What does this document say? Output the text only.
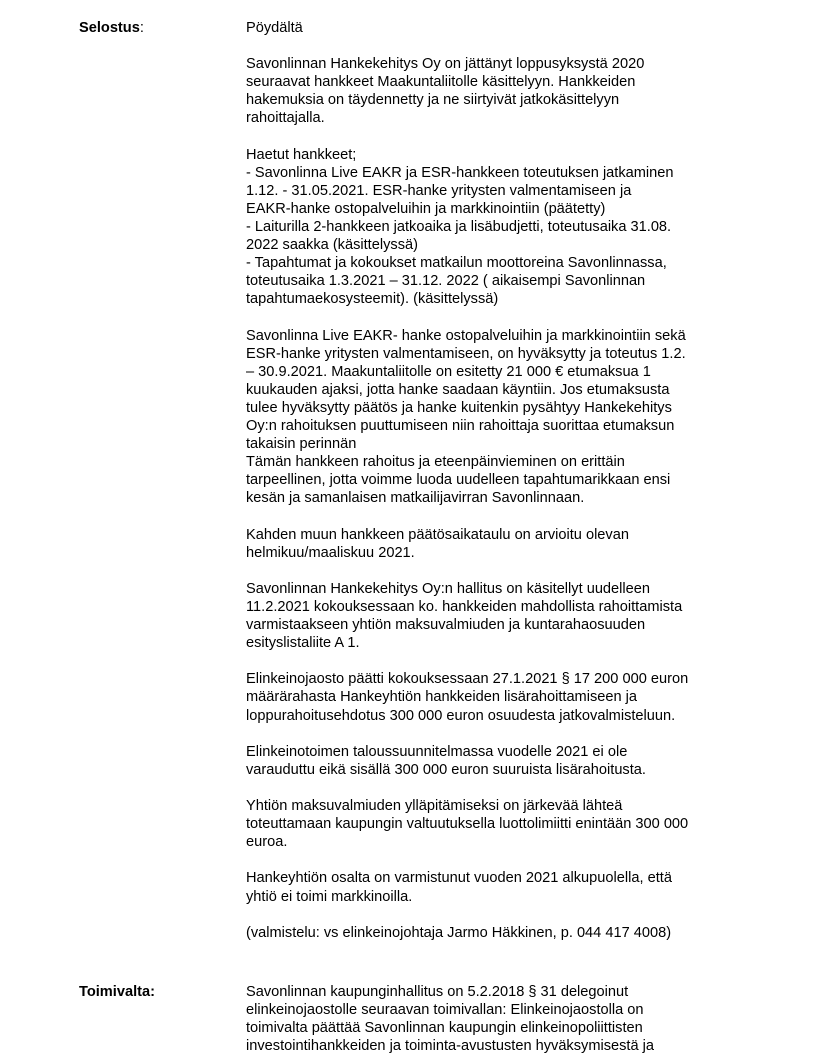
Selostus:	Pöydältä
Savonlinnan Hankekehitys Oy on jättänyt loppusyksystä 2020
seuraavat hankkeet Maakuntaliitolle käsittelyyn. Hankkeiden
hakemuksia on täydennetty ja ne siirtyivät jatkokäsittelyyn
rahoittajalla.
Haetut hankkeet;
- Savonlinna Live EAKR ja ESR-hankkeen toteutuksen jatkaminen
1.12. - 31.05.2021. ESR-hanke yritysten valmentamiseen ja
EAKR-hanke ostopalveluihin ja markkinointiin (päätetty)
- Laiturilla 2-hankkeen jatkoaika ja lisäbudjetti, toteutusaika 31.08.
2022 saakka (käsittelyssä)
- Tapahtumat ja kokoukset matkailun moottoreina Savonlinnassa,
toteutusaika 1.3.2021 – 31.12. 2022 ( aikaisempi Savonlinnan
tapahtumaekosysteemit). (käsittelyssä)
Savonlinna Live EAKR- hanke ostopalveluihin ja markkinointiin sekä
ESR-hanke yritysten valmentamiseen, on hyväksytty ja toteutus 1.2.
– 30.9.2021. Maakuntaliitolle on esitetty 21 000 € etumaksua 1
kuukauden ajaksi, jotta hanke saadaan käyntiin. Jos etumaksusta
tulee hyväksytty päätös ja hanke kuitenkin pysähtyy Hankekehitys
Oy:n rahoituksen puuttumiseen niin rahoittaja suorittaa etumaksun
takaisin perinnän
Tämän hankkeen rahoitus ja eteenpäinvieminen on erittäin
tarpeellinen, jotta voimme luoda uudelleen tapahtumarikkaan ensi
kesän ja samanlaisen matkailijavirran Savonlinnaan.
Kahden muun hankkeen päätösaikataulu on arvioitu olevan
helmikuu/maaliskuu 2021.
Savonlinnan Hankekehitys Oy:n hallitus on käsitellyt uudelleen
11.2.2021 kokouksessaan ko. hankkeiden mahdollista rahoittamista
varmistaakseen yhtiön maksuvalmiuden ja kuntarahaosuuden
esityslistaliite A 1.
Elinkeinojaosto päätti kokouksessaan 27.1.2021 § 17 200 000 euron
määrärahasta Hankeyhtiön hankkeiden lisärahoittamiseen ja
loppurahoitusehdotus 300 000 euron osuudesta jatkovalmisteluun.
Elinkeinotoimen taloussuunnitelmassa vuodelle 2021 ei ole
varauduttu eikä sisällä 300 000 euron suuruista lisärahoitusta.
Yhtiön maksuvalmiuden ylläpitämiseksi on järkevää lähteä
toteuttamaan kaupungin valtuutuksella luottolimiitti enintään 300 000
euroa.
Hankeyhtiön osalta on varmistunut vuoden 2021 alkupuolella, että
yhtiö ei toimi markkinoilla.
(valmistelu: vs elinkeinojohtaja Jarmo Häkkinen, p. 044 417 4008)
Toimivalta:	Savonlinnan kaupunginhallitus on 5.2.2018 § 31 delegoinut
elinkeinojaostolle seuraavan toimivallan: Elinkeinojaostolla on
toimivalta päättää Savonlinnan kaupungin elinkeinopoliittisten
investointihankkeiden ja toiminta-avustusten hyväksymisestä ja
